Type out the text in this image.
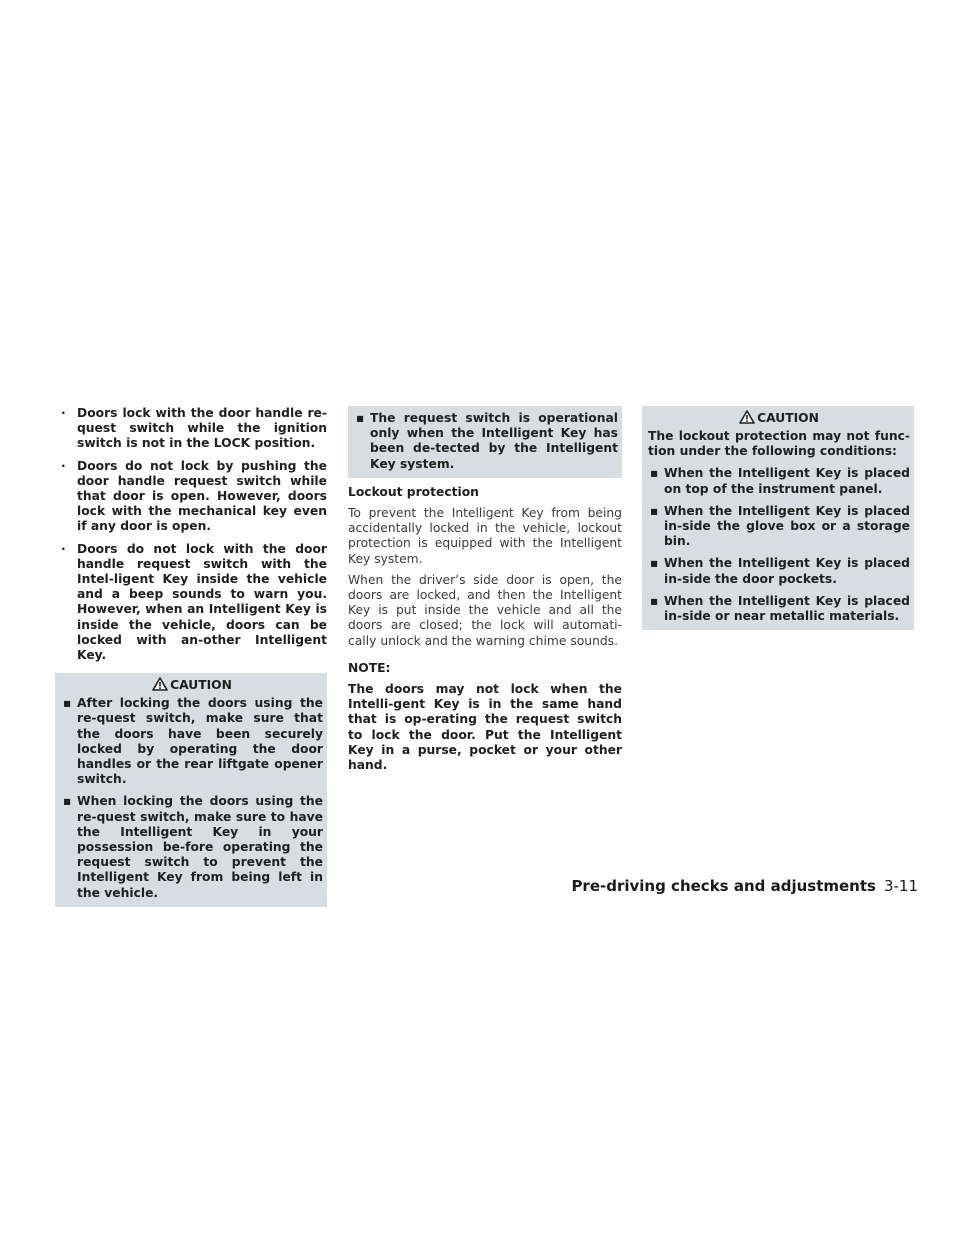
· Doors lock with the door handle re-quest switch while the ignition switch is not in the LOCK position.
· Doors do not lock by pushing the door handle request switch while that door is open. However, doors lock with the mechanical key even if any door is open.
· Doors do not lock with the door handle request switch with the Intel-ligent Key inside the vehicle and a beep sounds to warn you. However, when an Intelligent Key is inside the vehicle, doors can be locked with an-other Intelligent Key.
CAUTION
▪ After locking the doors using the re-quest switch, make sure that the doors have been securely locked by operating the door handles or the rear liftgate opener switch.
▪ When locking the doors using the re-quest switch, make sure to have the Intelligent Key in your possession be-fore operating the request switch to prevent the Intelligent Key from being left in the vehicle.
▪ The request switch is operational only when the Intelligent Key has been de-tected by the Intelligent Key system.

Lockout protection

To prevent the Intelligent Key from being accidentally locked in the vehicle, lockout protection is equipped with the Intelligent Key system.

When the driver’s side door is open, the doors are locked, and then the Intelligent Key is put inside the vehicle and all the doors are closed; the lock will automati-cally unlock and the warning chime sounds.

NOTE:

The doors may not lock when the Intelli-gent Key is in the same hand that is op-erating the request switch to lock the door. Put the Intelligent Key in a purse, pocket or your other hand.

CAUTION

The lockout protection may not func-tion under the following conditions:

▪ When the Intelligent Key is placed on top of the instrument panel.
▪ When the Intelligent Key is placed in-side the glove box or a storage bin.
▪ When the Intelligent Key is placed in-side the door pockets.
▪ When the Intelligent Key is placed in-side or near metallic materials.
Pre-driving checks and adjustments 3-11
